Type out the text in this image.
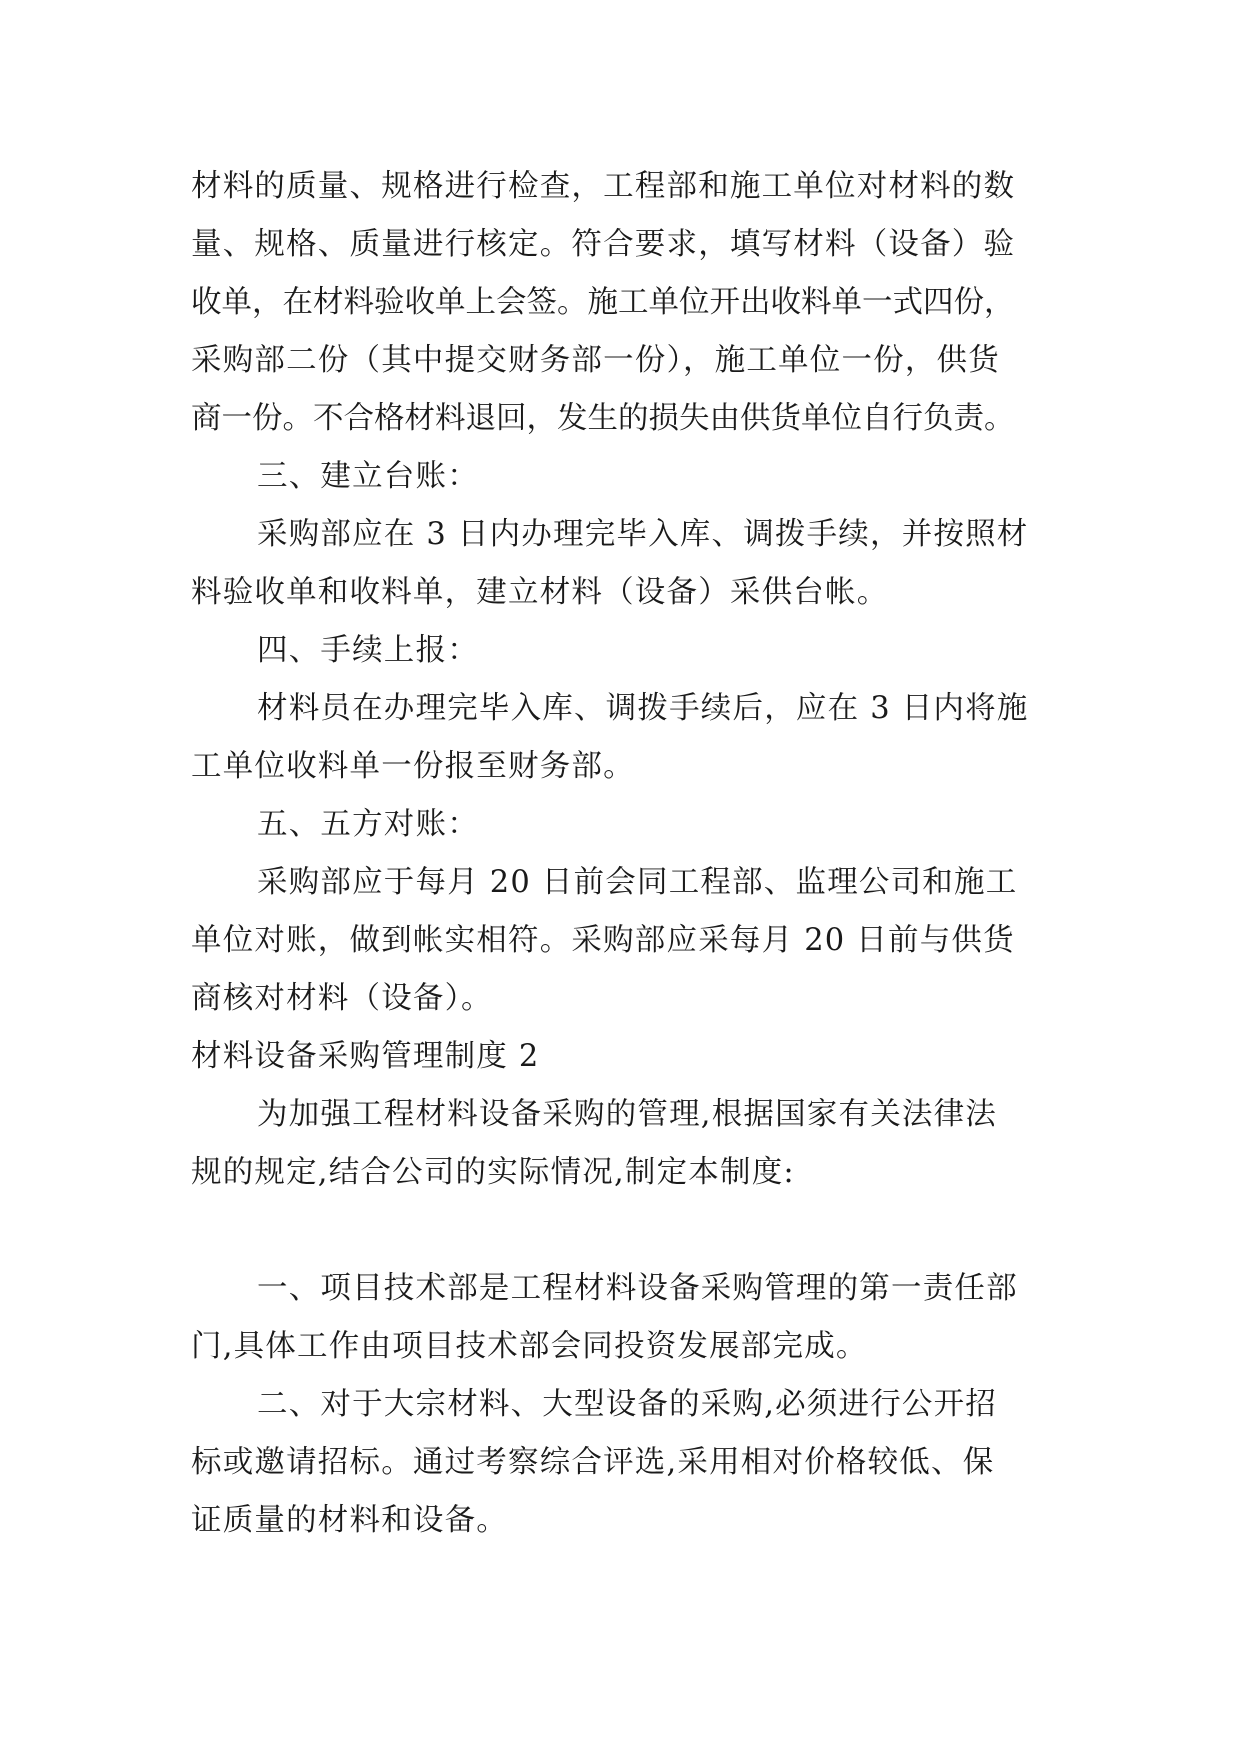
材料的质量、规格进行检查，工程部和施工单位对材料的数
量、规格、质量进行核定。符合要求，填写材料（设备）验
收单，在材料验收单上会签。施工单位开出收料单一式四份，
采购部二份（其中提交财务部一份），施工单位一份，供货
商一份。不合格材料退回，发生的损失由供货单位自行负责。
三、建立台账：
采购部应在 3 日内办理完毕入库、调拨手续，并按照材
料验收单和收料单，建立材料（设备）采供台帐。
四、手续上报：
材料员在办理完毕入库、调拨手续后，应在 3 日内将施
工单位收料单一份报至财务部。
五、五方对账：
采购部应于每月 20 日前会同工程部、监理公司和施工
单位对账，做到帐实相符。采购部应采每月 20 日前与供货
商核对材料（设备）。
材料设备采购管理制度 2
为加强工程材料设备采购的管理,根据国家有关法律法
规的规定,结合公司的实际情况,制定本制度:
一、项目技术部是工程材料设备采购管理的第一责任部
门,具体工作由项目技术部会同投资发展部完成。
二、对于大宗材料、大型设备的采购,必须进行公开招
标或邀请招标。通过考察综合评选,采用相对价格较低、保
证质量的材料和设备。
